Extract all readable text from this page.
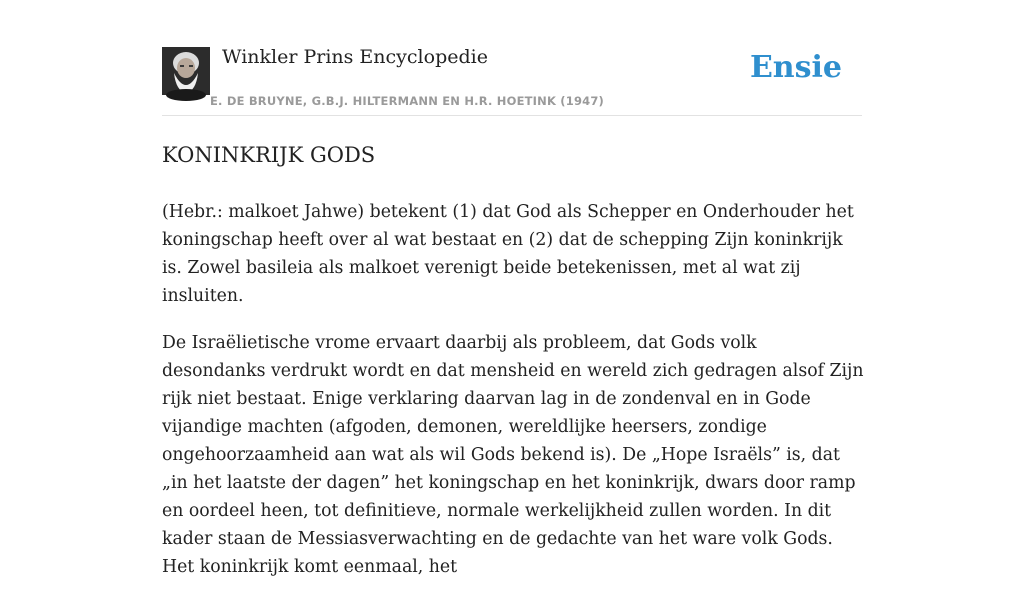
Winkler Prins Encyclopedie
E. DE BRUYNE, G.B.J. HILTERMANN EN H.R. HOETINK (1947)
Ensie
KONINKRIJK GODS

(Hebr.: malkoet Jahwe) betekent (1) dat God als Schepper en Onderhouder het koningschap heeft over al wat bestaat en (2) dat de schepping Zijn koninkrijk is. Zowel basileia als malkoet verenigt beide betekenissen, met al wat zij insluiten.

De Israëlietische vrome ervaart daarbij als probleem, dat Gods volk desondanks verdrukt wordt en dat mensheid en wereld zich gedragen alsof Zijn rijk niet bestaat. Enige verklaring daarvan lag in de zondenval en in Gode vijandige machten (afgoden, demonen, wereldlijke heersers, zondige ongehoorzaamheid aan wat als wil Gods bekend is). De „Hope Israëls” is, dat „in het laatste der dagen” het koningschap en het koninkrijk, dwars door ramp en oordeel heen, tot definitieve, normale werkelijkheid zullen worden. In dit kader staan de Messiasverwachting en de gedachte van het ware volk Gods. Het koninkrijk komt eenmaal, het
